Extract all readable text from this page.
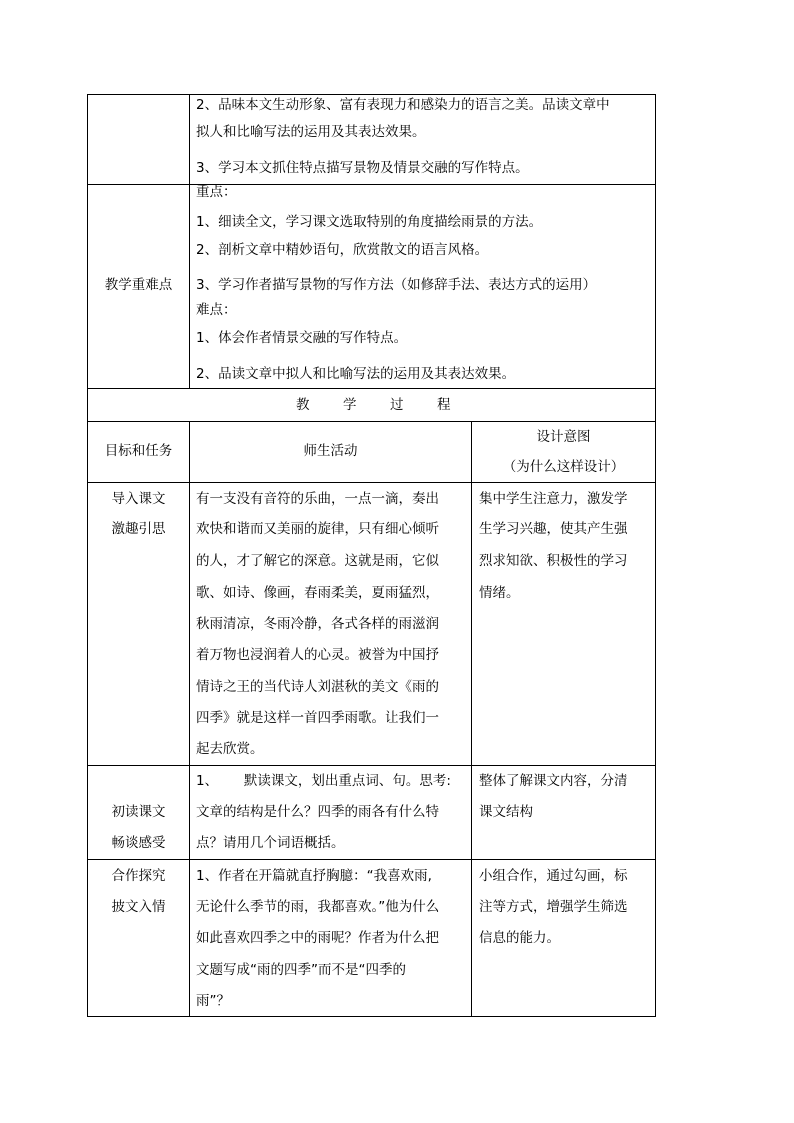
2、品味本文生动形象、富有表现力和感染力的语言之美。品读文章中
拟人和比喻写法的运用及其表达效果。
3、学习本文抓住特点描写景物及情景交融的写作特点。
教学重难点
重点：
1、细读全文，学习课文选取特别的角度描绘雨景的方法。
2、剖析文章中精妙语句，欣赏散文的语言风格。
3、学习作者描写景物的写作方法（如修辞手法、表达方式的运用）
难点：
1、体会作者情景交融的写作特点。
2、品读文章中拟人和比喻写法的运用及其表达效果。
教 学 过 程
目标和任务	师生活动
设计意图
（为什么这样设计）
导入课文
激趣引思
有一支没有音符的乐曲，一点一滴，奏出
欢快和谐而又美丽的旋律，只有细心倾听
的人，才了解它的深意。这就是雨，它似
歌、如诗、像画，春雨柔美，夏雨猛烈，
秋雨清凉，冬雨冷静，各式各样的雨滋润
着万物也浸润着人的心灵。被誉为中国抒
情诗之王的当代诗人刘湛秋的美文《雨的
四季》就是这样一首四季雨歌。让我们一
起去欣赏。
集中学生注意力，激发学
生学习兴趣，使其产生强
烈求知欲、积极性的学习
情绪。
初读课文
畅谈感受
1、      默读课文，划出重点词、句。思考:
文章的结构是什么？四季的雨各有什么特
点？请用几个词语概括。
整体了解课文内容，分清
课文结构
合作探究
披文入情
1、作者在开篇就直抒胸臆：“我喜欢雨,
无论什么季节的雨，我都喜欢。”他为什么
如此喜欢四季之中的雨呢？作者为什么把
文题写成“雨的四季”而不是“四季的
雨”？
小组合作，通过勾画，标
注等方式，增强学生筛选
信息的能力。
